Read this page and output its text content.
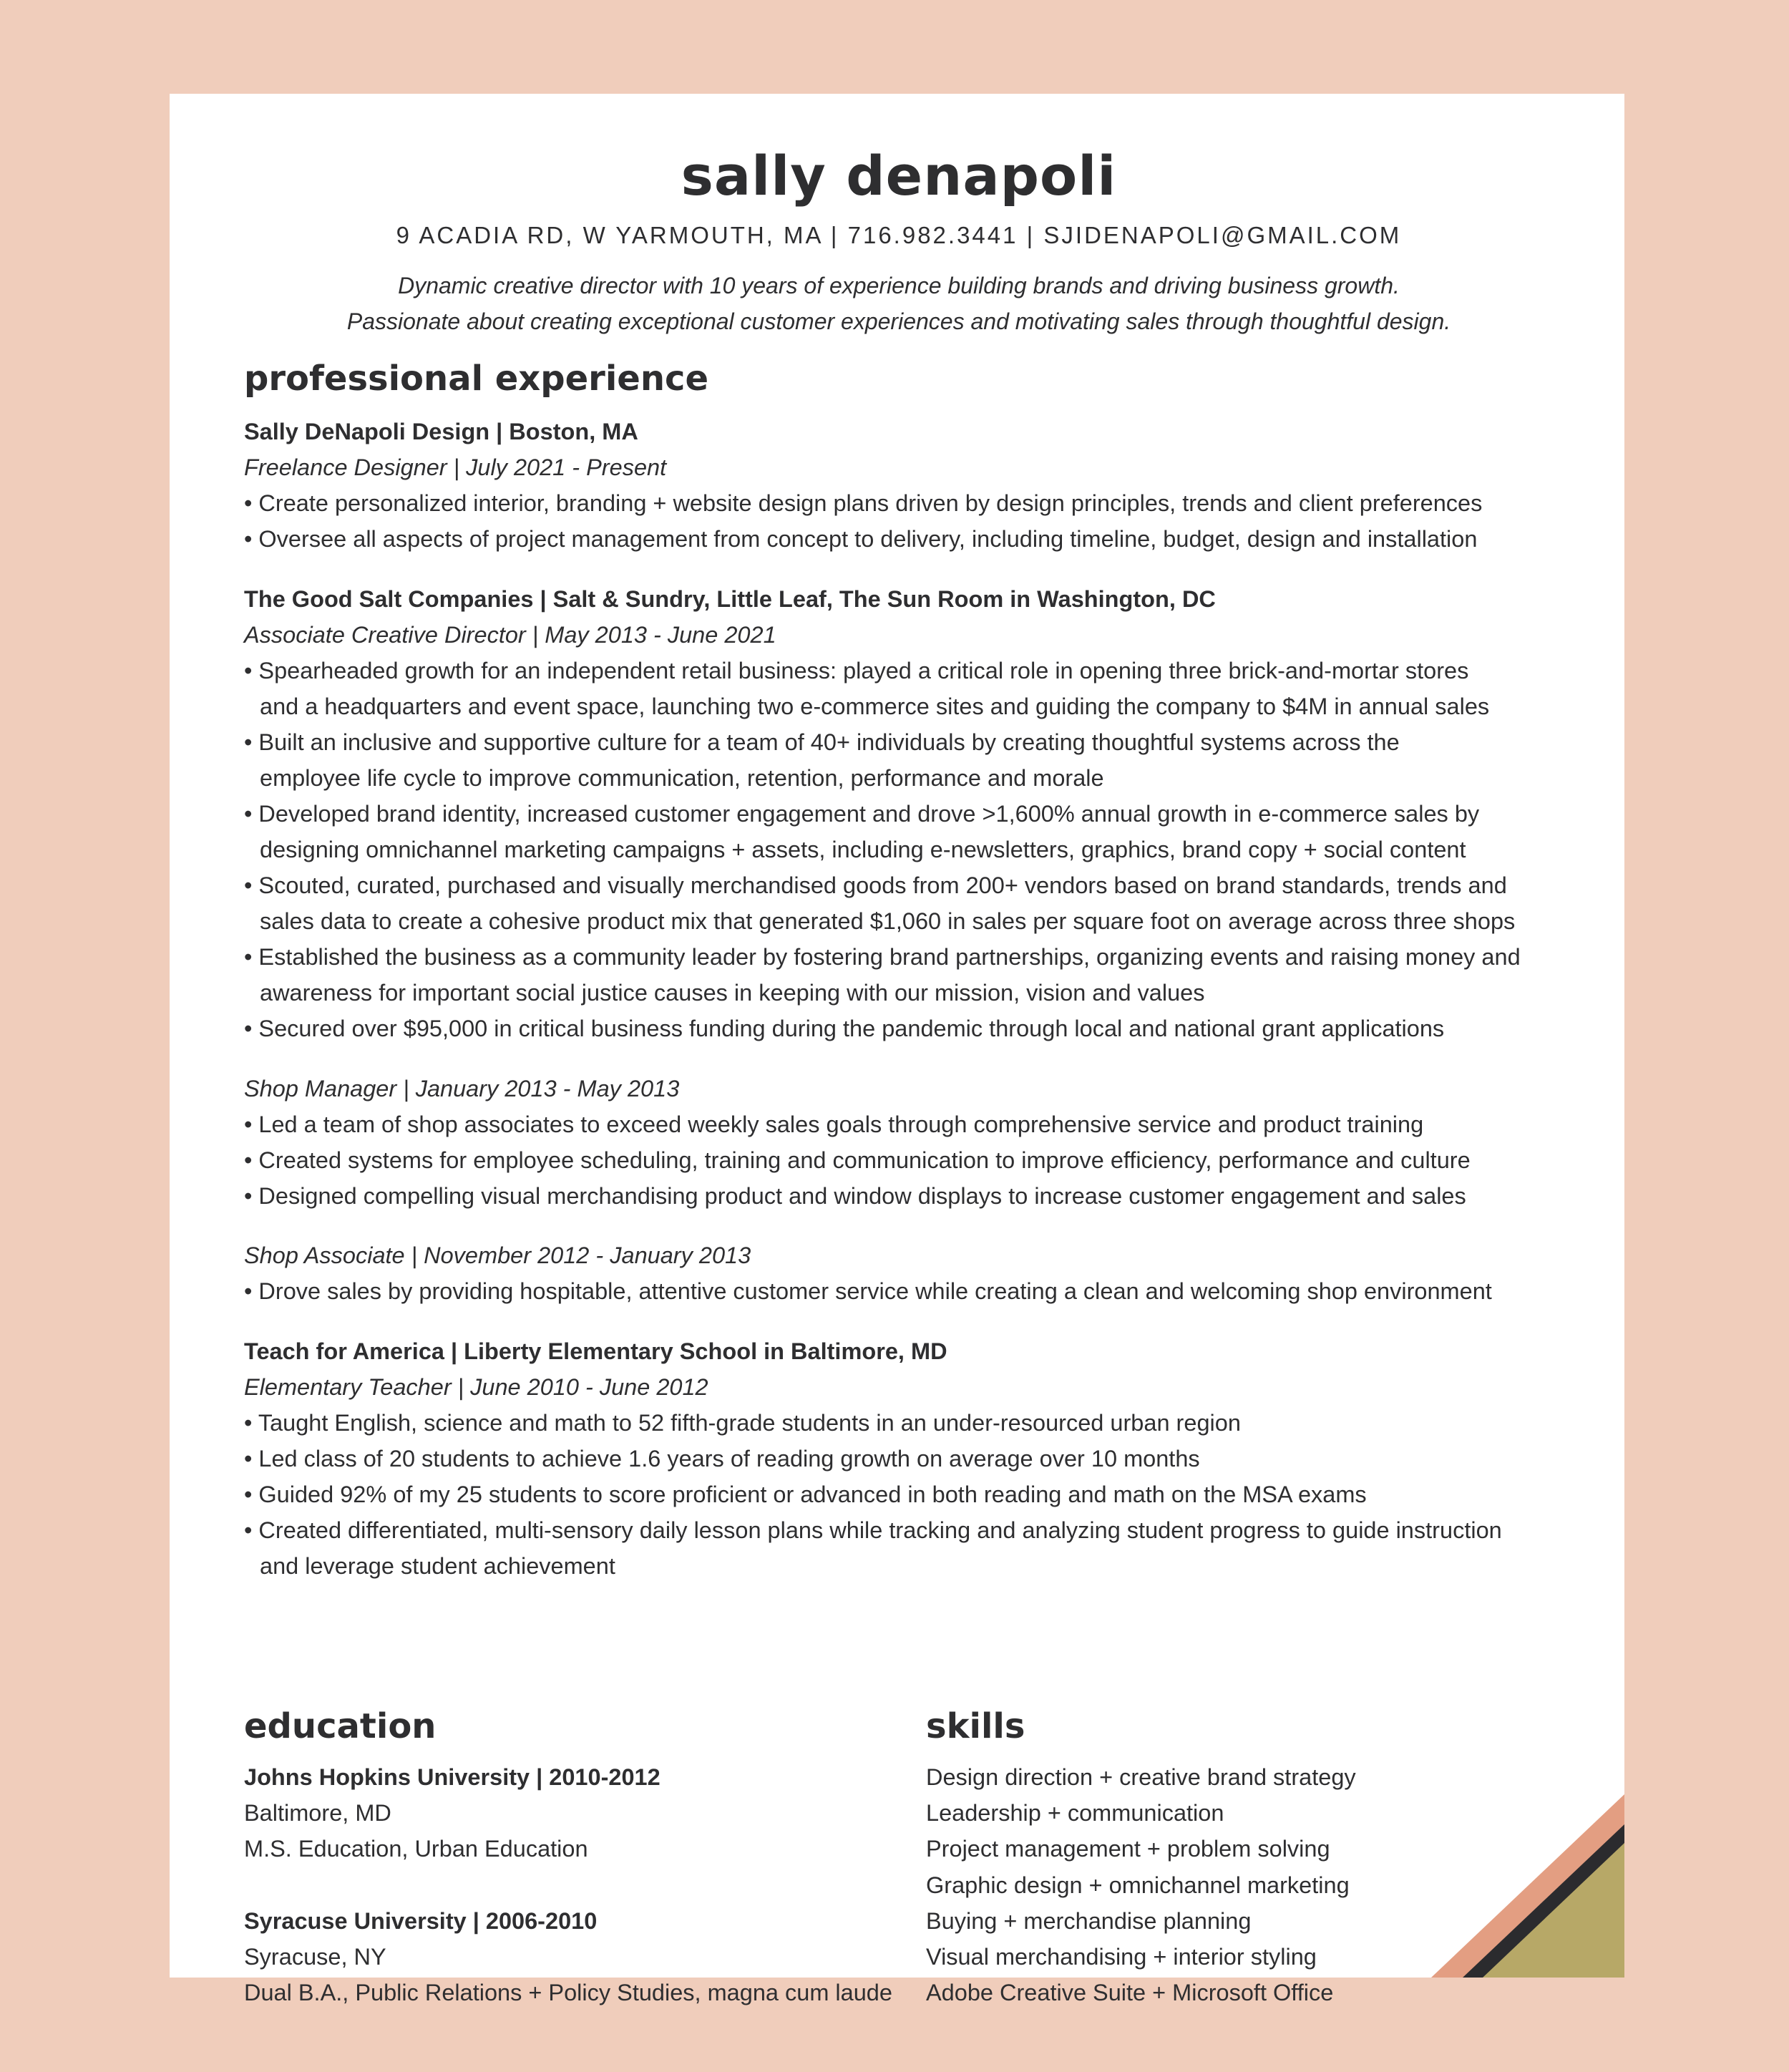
sally denapoli
9 ACADIA RD, W YARMOUTH, MA | 716.982.3441 | SJIDENAPOLI@GMAIL.COM
Dynamic creative director with 10 years of experience building brands and driving business growth.
Passionate about creating exceptional customer experiences and motivating sales through thoughtful design.
professional experience
Sally DeNapoli Design | Boston, MA
Freelance Designer | July 2021 - Present
• Create personalized interior, branding + website design plans driven by design principles, trends and client preferences
• Oversee all aspects of project management from concept to delivery, including timeline, budget, design and installation
The Good Salt Companies | Salt & Sundry, Little Leaf, The Sun Room in Washington, DC
Associate Creative Director | May 2013 - June 2021
• Spearheaded growth for an independent retail business: played a critical role in opening three brick-and-mortar stores
and a headquarters and event space, launching two e-commerce sites and guiding the company to $4M in annual sales
• Built an inclusive and supportive culture for a team of 40+ individuals by creating thoughtful systems across the
employee life cycle to improve communication, retention, performance and morale
• Developed brand identity, increased customer engagement and drove >1,600% annual growth in e-commerce sales by
designing omnichannel marketing campaigns + assets, including e-newsletters, graphics, brand copy + social content
• Scouted, curated, purchased and visually merchandised goods from 200+ vendors based on brand standards, trends and
sales data to create a cohesive product mix that generated $1,060 in sales per square foot on average across three shops
• Established the business as a community leader by fostering brand partnerships, organizing events and raising money and
awareness for important social justice causes in keeping with our mission, vision and values
• Secured over $95,000 in critical business funding during the pandemic through local and national grant applications
Shop Manager | January 2013 - May 2013
• Led a team of shop associates to exceed weekly sales goals through comprehensive service and product training
• Created systems for employee scheduling, training and communication to improve efficiency, performance and culture
• Designed compelling visual merchandising product and window displays to increase customer engagement and sales
Shop Associate | November 2012 - January 2013
• Drove sales by providing hospitable, attentive customer service while creating a clean and welcoming shop environment
Teach for America | Liberty Elementary School in Baltimore, MD
Elementary Teacher | June 2010 - June 2012
• Taught English, science and math to 52 fifth-grade students in an under-resourced urban region
• Led class of 20 students to achieve 1.6 years of reading growth on average over 10 months
• Guided 92% of my 25 students to score proficient or advanced in both reading and math on the MSA exams
• Created differentiated, multi-sensory daily lesson plans while tracking and analyzing student progress to guide instruction
and leverage student achievement
education
Johns Hopkins University | 2010-2012
Baltimore, MD
M.S. Education, Urban Education
Syracuse University | 2006-2010
Syracuse, NY
Dual B.A., Public Relations + Policy Studies, magna cum laude
skills
Design direction + creative brand strategy
Leadership + communication
Project management + problem solving
Graphic design + omnichannel marketing
Buying + merchandise planning
Visual merchandising + interior styling
Adobe Creative Suite + Microsoft Office
